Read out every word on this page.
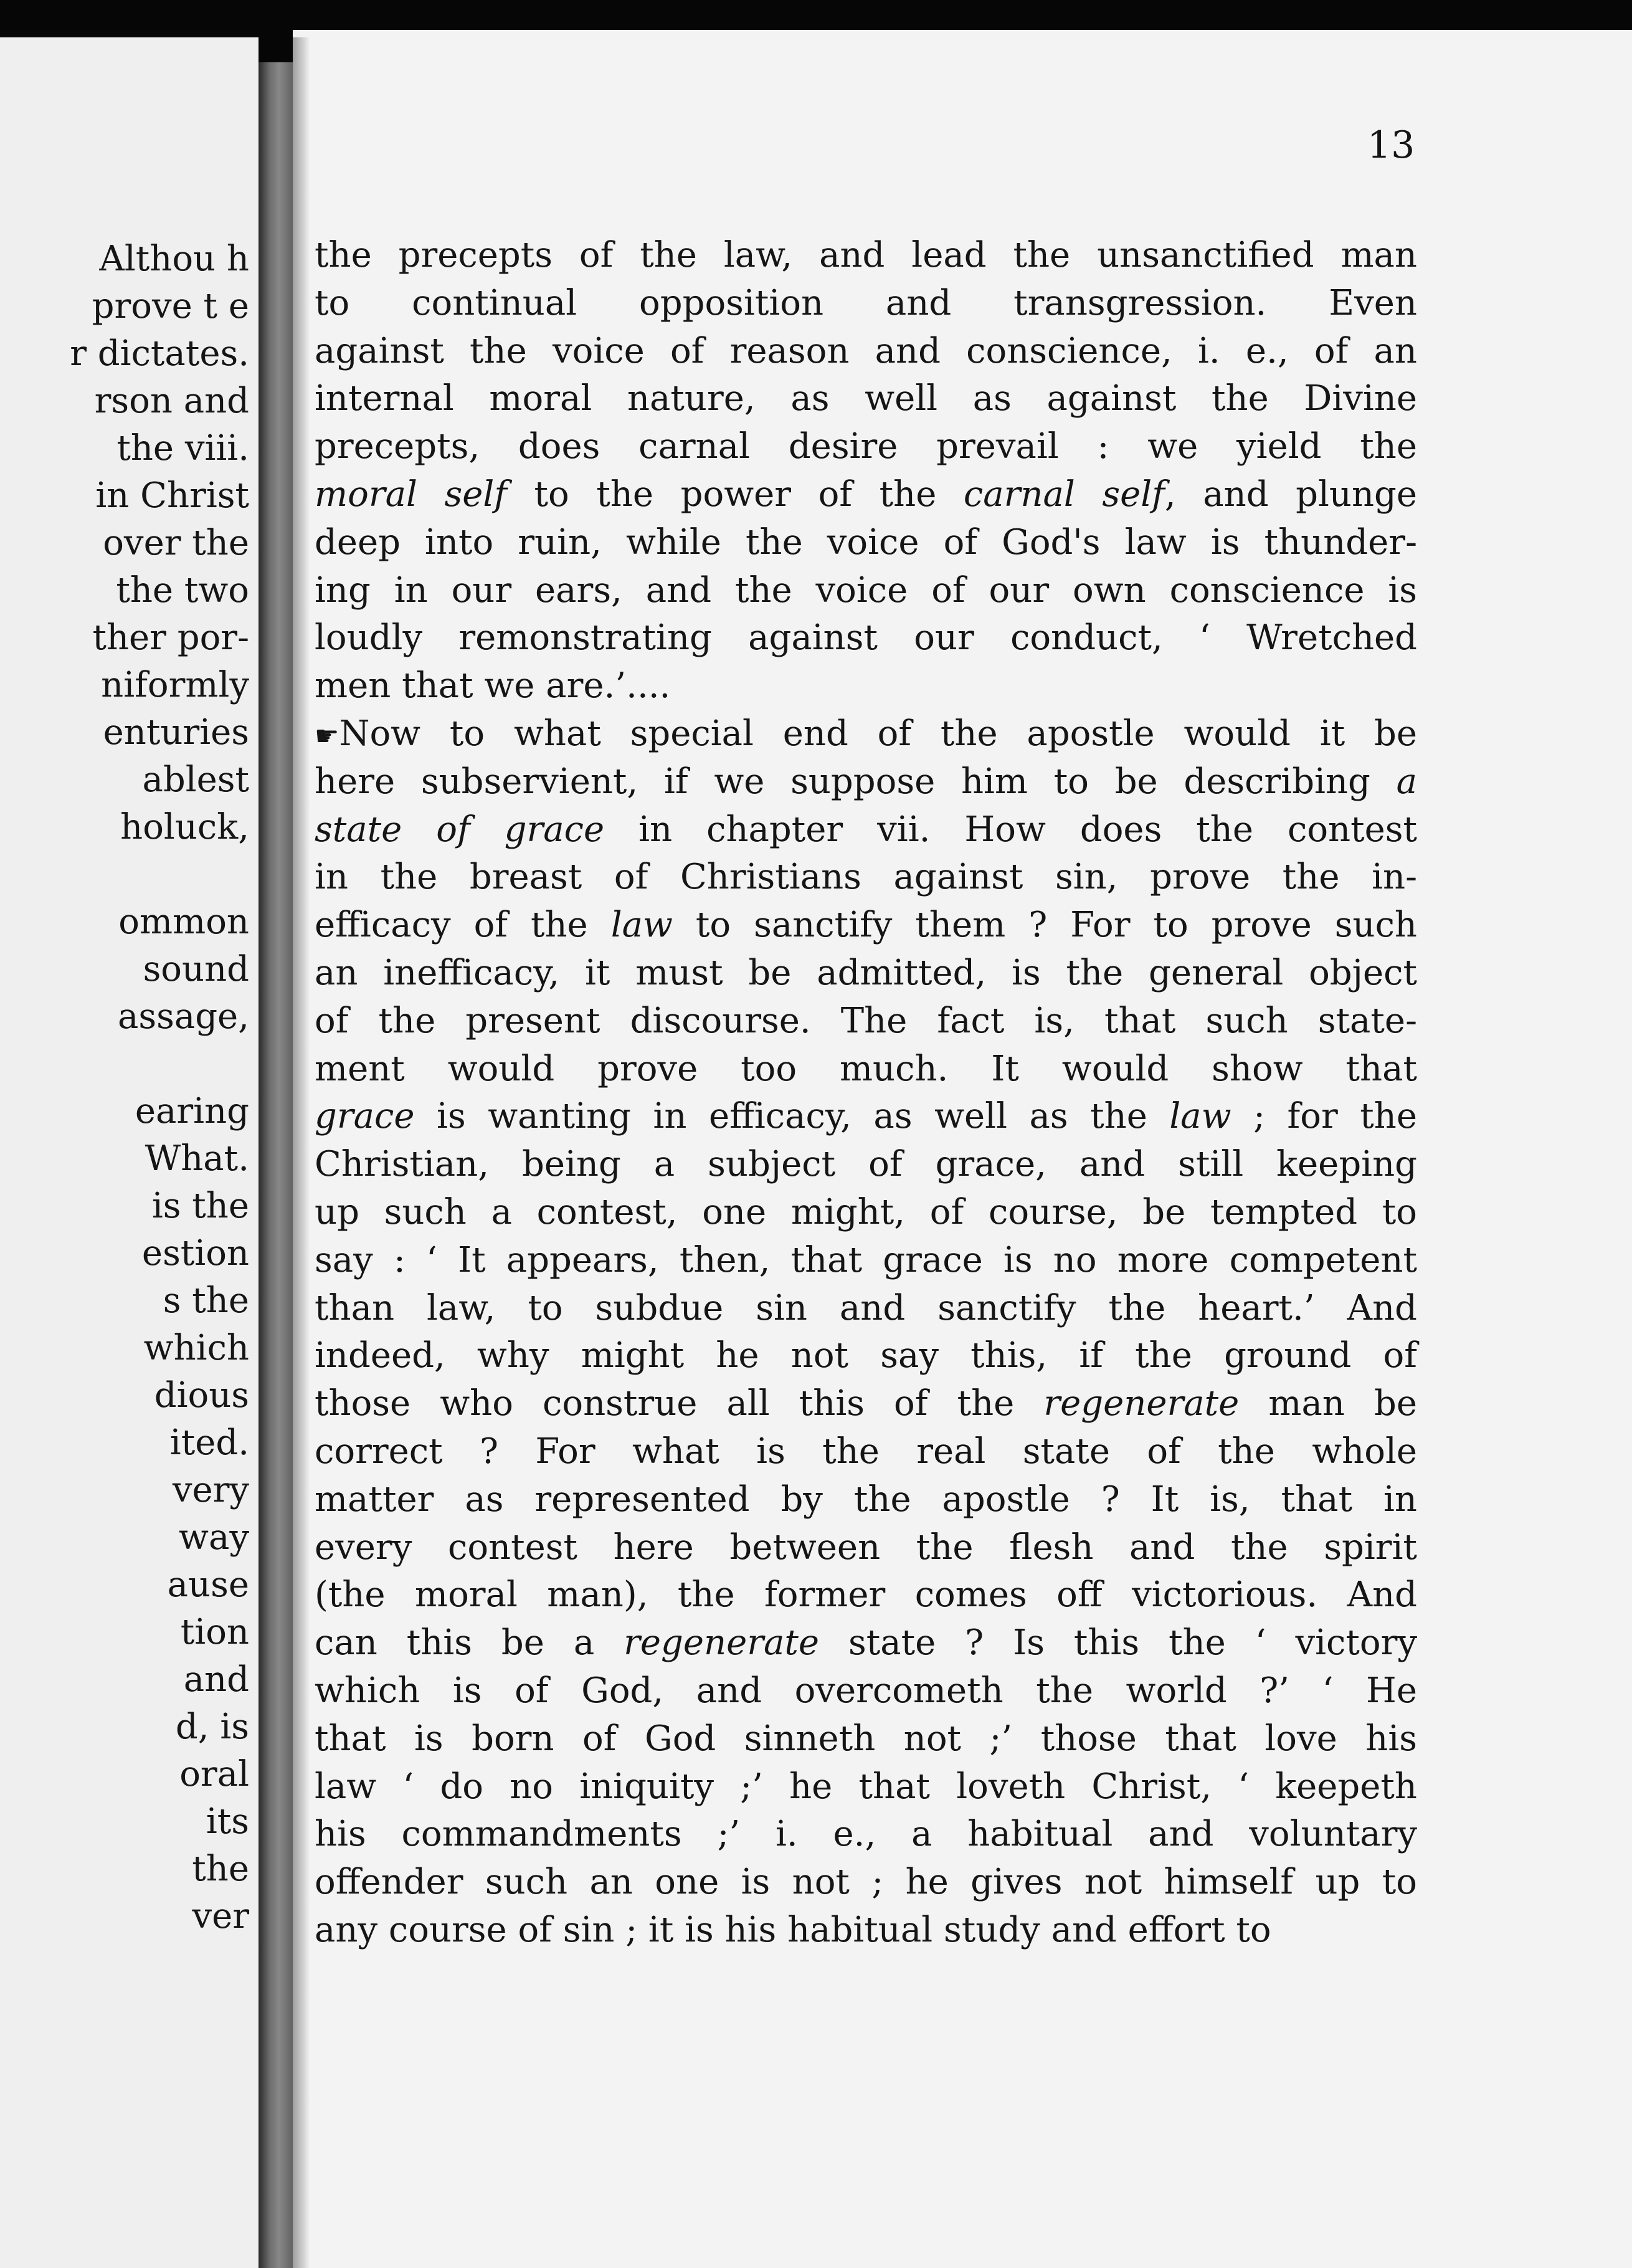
Althou h
prove t e
r dictates.
rson and
the viii.
in Christ
over the
the two
ther por-
niformly
enturies
ablest
holuck,
ommon
sound
assage,
earing
What.
is the
estion
s the
which
dious
ited.
very
way
ause
tion
and
d, is
oral
its
the
ver
13
the precepts of the law, and lead the unsanctified man
to continual opposition and transgression. Even
against the voice of reason and conscience, i. e., of an
internal moral nature, as well as against the Divine
precepts, does carnal desire prevail : we yield the
moral self to the power of the carnal self, and plunge
deep into ruin, while the voice of God's law is thunder-
ing in our ears, and the voice of our own conscience is
loudly remonstrating against our conduct, ‘ Wretched
men that we are.’....
☛Now to what special end of the apostle would it be
here subservient, if we suppose him to be describing a
state of grace in chapter vii. How does the contest
in the breast of Christians against sin, prove the in-
efficacy of the law to sanctify them ? For to prove such
an inefficacy, it must be admitted, is the general object
of the present discourse. The fact is, that such state-
ment would prove too much. It would show that
grace is wanting in efficacy, as well as the law ; for the
Christian, being a subject of grace, and still keeping
up such a contest, one might, of course, be tempted to
say : ‘ It appears, then, that grace is no more competent
than law, to subdue sin and sanctify the heart.’ And
indeed, why might he not say this, if the ground of
those who construe all this of the regenerate man be
correct ? For what is the real state of the whole
matter as represented by the apostle ? It is, that in
every contest here between the flesh and the spirit
(the moral man), the former comes off victorious. And
can this be a regenerate state ? Is this the ‘ victory
which is of God, and overcometh the world ?’ ‘ He
that is born of God sinneth not ;’ those that love his
law ‘ do no iniquity ;’ he that loveth Christ, ‘ keepeth
his commandments ;’ i. e., a habitual and voluntary
offender such an one is not ; he gives not himself up to
any course of sin ; it is his habitual study and effort to
